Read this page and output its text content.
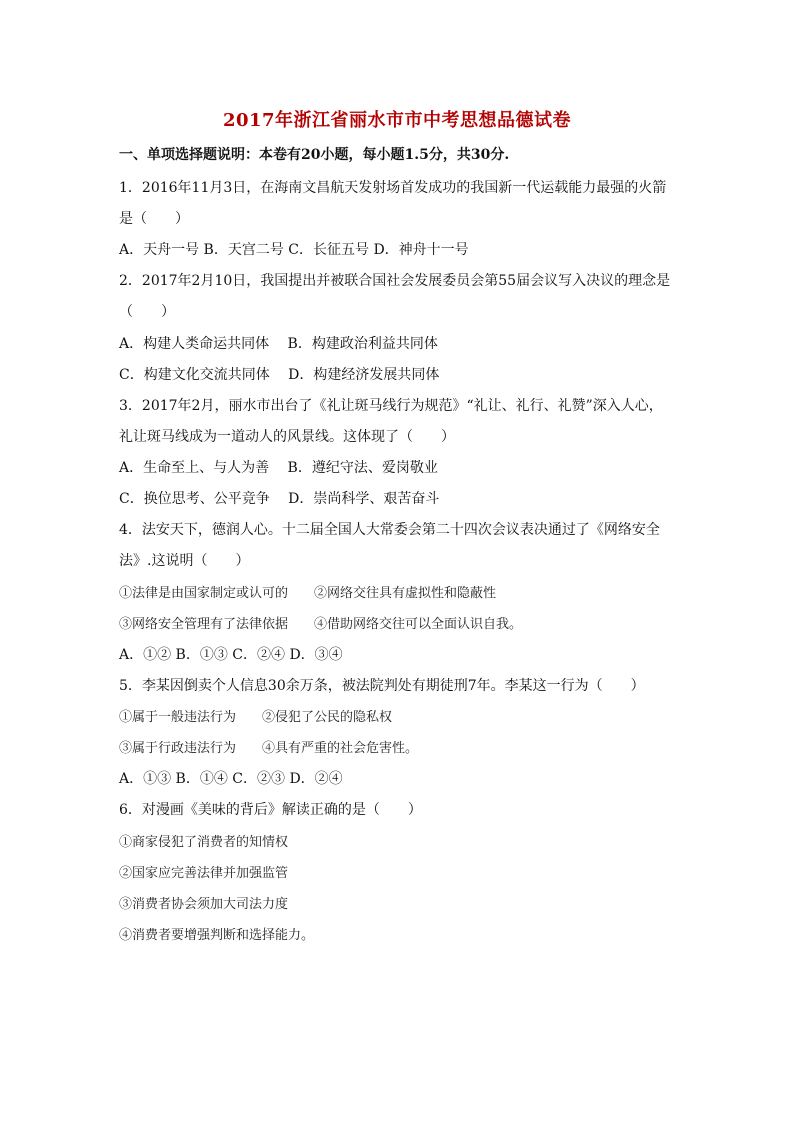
2017年浙江省丽水市市中考思想品德试卷
一、单项选择题说明：本卷有20小题，每小题1.5分，共30分.
1．2016年11月3日，在海南文昌航天发射场首发成功的我国新一代运载能力最强的火箭
是（　　）
A．天舟一号 B．天宫二号 C．长征五号 D．神舟十一号
2．2017年2月10日，我国提出并被联合国社会发展委员会第55届会议写入决议的理念是
（　　）
A．构建人类命运共同体　 B．构建政治利益共同体
C．构建文化交流共同体　 D．构建经济发展共同体
3．2017年2月，丽水市出台了《礼让斑马线行为规范》“礼让、礼行、礼赞”深入人心，
礼让斑马线成为一道动人的风景线。这体现了（　　）
A．生命至上、与人为善　 B．遵纪守法、爱岗敬业
C．换位思考、公平竞争　 D．崇尚科学、艰苦奋斗
4．法安天下，德润人心。十二届全国人大常委会第二十四次会议表决通过了《网络安全
法》.这说明（　　）
①法律是由国家制定或认可的　　②网络交往具有虚拟性和隐蔽性
③网络安全管理有了法律依据　　④借助网络交往可以全面认识自我。
A．①② B．①③ C．②④ D．③④
5．李某因倒卖个人信息30余万条，被法院判处有期徒刑7年。李某这一行为（　　）
①属于一般违法行为　　②侵犯了公民的隐私权
③属于行政违法行为　　④具有严重的社会危害性。
A．①③ B．①④ C．②③ D．②④
6．对漫画《美味的背后》解读正确的是（　　）
①商家侵犯了消费者的知情权
②国家应完善法律并加强监管
③消费者协会须加大司法力度
④消费者要增强判断和选择能力。
